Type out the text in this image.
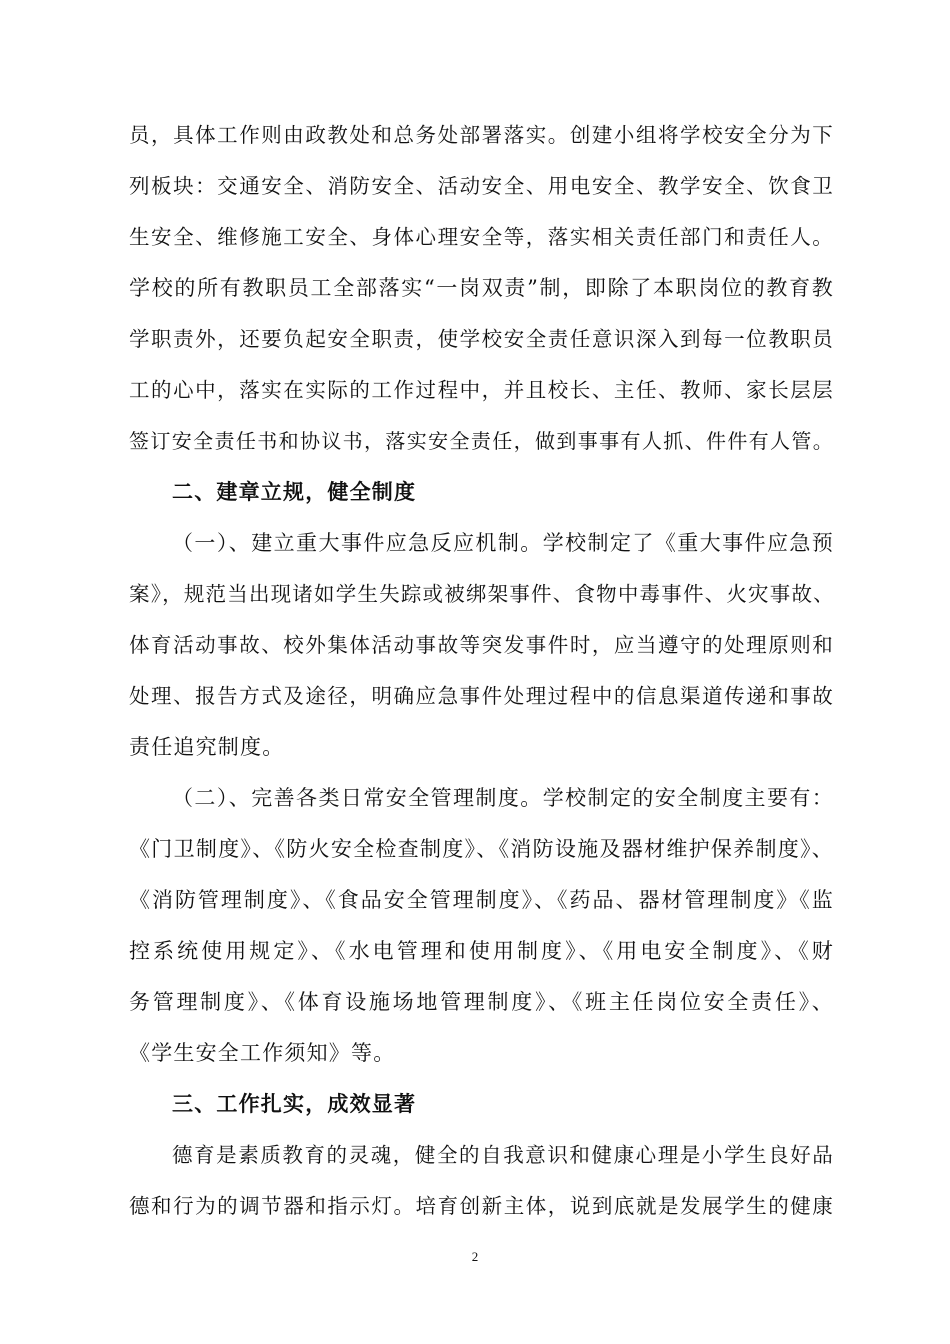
员，具体工作则由政教处和总务处部署落实。创建小组将学校安全分为下
列板块：交通安全、消防安全、活动安全、用电安全、教学安全、饮食卫
生安全、维修施工安全、身体心理安全等，落实相关责任部门和责任人。
学校的所有教职员工全部落实“一岗双责”制，即除了本职岗位的教育教
学职责外，还要负起安全职责，使学校安全责任意识深入到每一位教职员
工的心中，落实在实际的工作过程中，并且校长、主任、教师、家长层层
签订安全责任书和协议书，落实安全责任，做到事事有人抓、件件有人管。
二、建章立规，健全制度
（一）、建立重大事件应急反应机制。学校制定了《重大事件应急预
案》，规范当出现诸如学生失踪或被绑架事件、食物中毒事件、火灾事故、
体育活动事故、校外集体活动事故等突发事件时，应当遵守的处理原则和
处理、报告方式及途径，明确应急事件处理过程中的信息渠道传递和事故
责任追究制度。
（二）、完善各类日常安全管理制度。学校制定的安全制度主要有：
《门卫制度》、《防火安全检查制度》、《消防设施及器材维护保养制度》、
《消防管理制度》、《食品安全管理制度》、《药品、器材管理制度》《监
控系统使用规定》、《水电管理和使用制度》、《用电安全制度》、《财
务管理制度》、《体育设施场地管理制度》、《班主任岗位安全责任》、
《学生安全工作须知》等。
三、工作扎实，成效显著
德育是素质教育的灵魂，健全的自我意识和健康心理是小学生良好品
德和行为的调节器和指示灯。培育创新主体，说到底就是发展学生的健康
2
